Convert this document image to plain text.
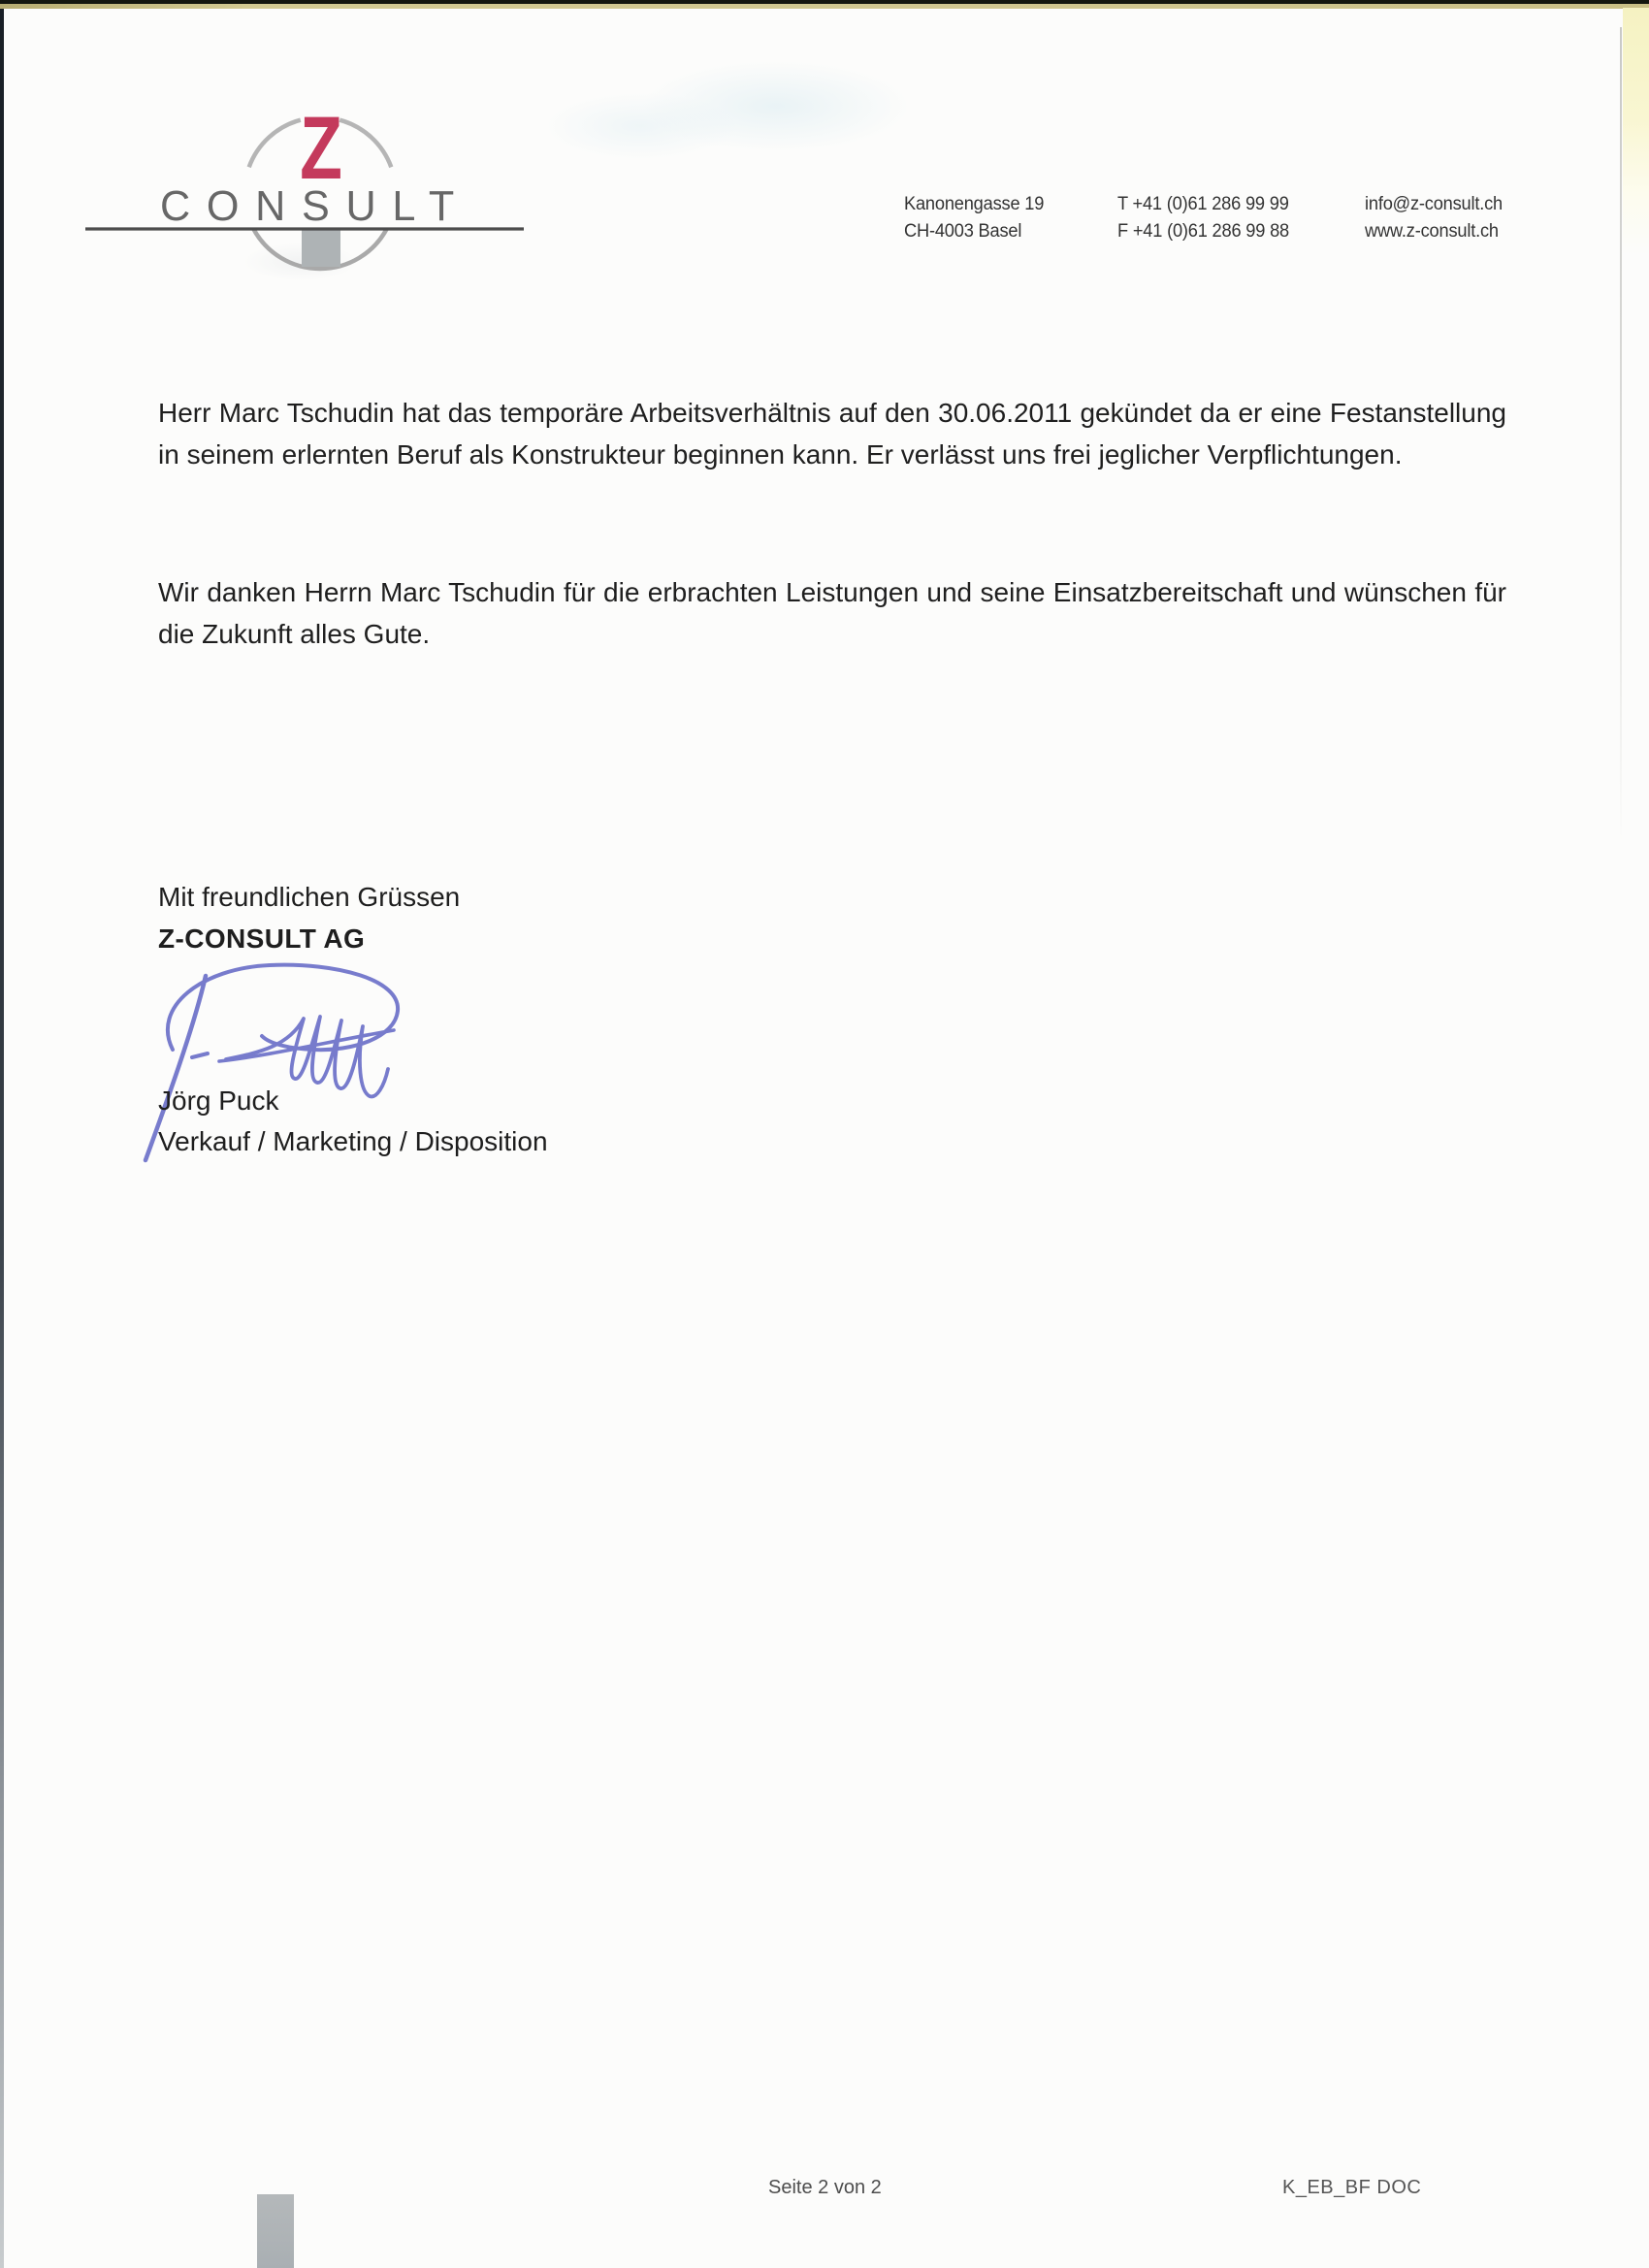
Z
CONSULT	Kanonengasse 19
CH-4003 Basel
T +41 (0)61 286 99 99
F +41 (0)61 286 99 88
info@z-consult.ch
www.z-consult.ch
Herr Marc Tschudin hat das temporäre Arbeitsverhältnis auf den 30.06.2011 gekündet da er eine Festanstellung in seinem erlernten Beruf als Konstrukteur beginnen kann. Er verlässt uns frei jeglicher Verpflichtungen.
Wir danken Herrn Marc Tschudin für die erbrachten Leistungen und seine Einsatzbereitschaft und wünschen für die Zukunft alles Gute.
Mit freundlichen Grüssen
Z-CONSULT AG
Jörg Puck
Verkauf / Marketing / Disposition
Seite 2 von 2	K_EB_BF DOC
